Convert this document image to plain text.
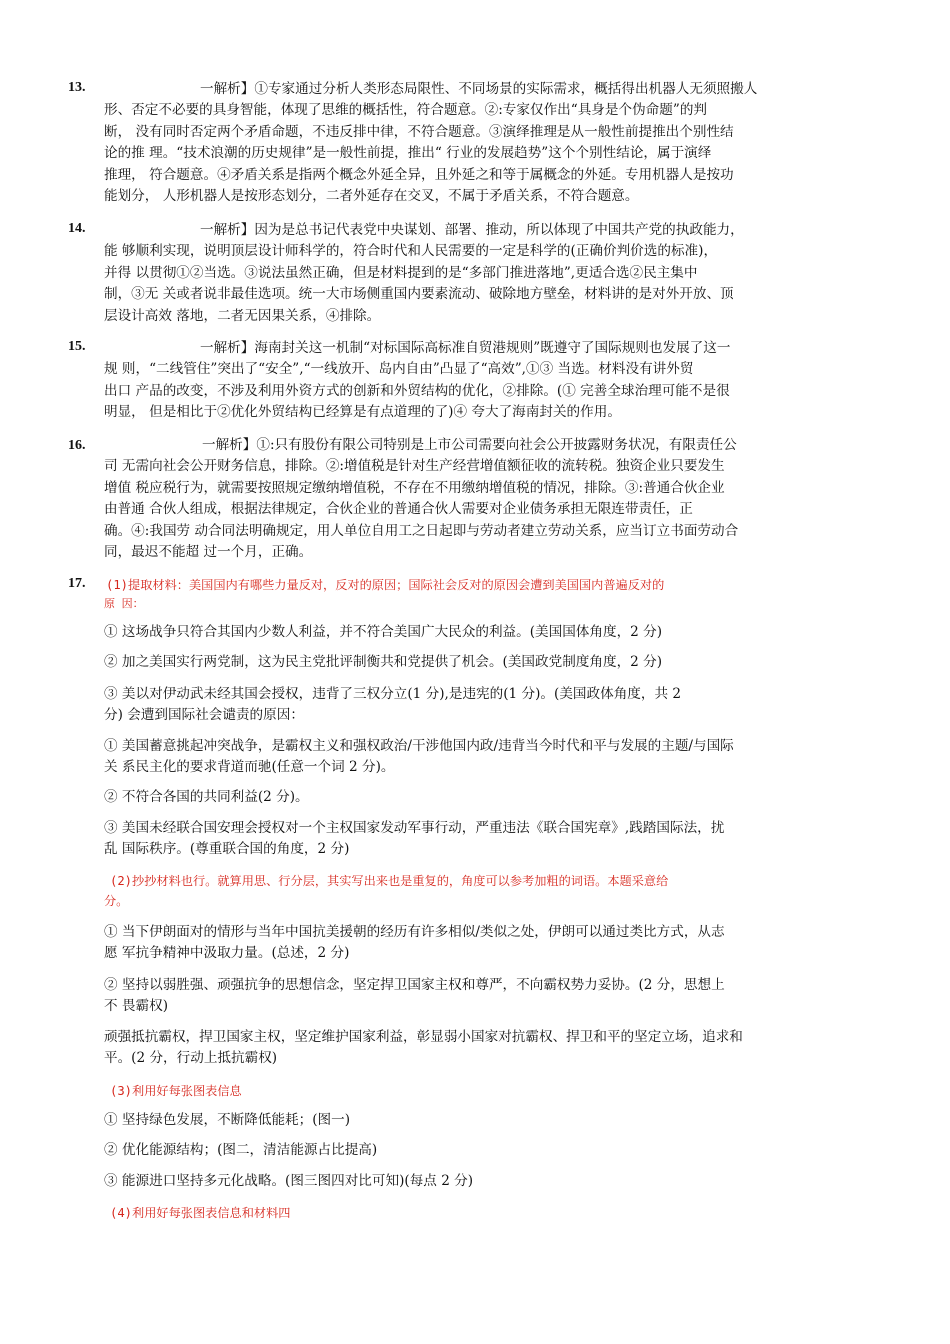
13.	一解析】①专家通过分析人类形态局限性、不同场景的实际需求，概括得出机器人无须照搬人
形、否定不必要的具身智能，体现了思维的概括性，符合题意。②:专家仅作出“具身是个伪命题”的判
断， 没有同时否定两个矛盾命题，不违反排中律，不符合题意。③演绎推理是从一般性前提推出个别性结
论的推 理。“技术浪潮的历史规律”是一般性前提，推出“ 行业的发展趋势”这个个别性结论，属于演绎
推理， 符合题意。④矛盾关系是指两个概念外延全异，且外延之和等于属概念的外延。专用机器人是按功
能划分， 人形机器人是按形态划分，二者外延存在交叉，不属于矛盾关系，不符合题意。
14.	一解析】因为是总书记代表党中央谋划、部署、推动，所以体现了中国共产党的执政能力，
能 够顺利实现，说明顶层设计师科学的，符合时代和人民需要的一定是科学的(正确价判价选的标准)，
并得 以贯彻①②当选。③说法虽然正确，但是材料提到的是“多部门推进落地”,更适合选②民主集中
制，③无 关或者说非最佳选项。统一大市场侧重国内要素流动、破除地方壁垒，材料讲的是对外开放、顶
层设计高效 落地，二者无因果关系，④排除。
15.	一解析】海南封关这一机制“对标国际高标准自贸港规则”既遵守了国际规则也发展了这一
规 则，“二线管住”突出了“安全”,“一线放开、岛内自由”凸显了“高效”,①③ 当选。材料没有讲外贸
出口 产品的改变，不涉及利用外资方式的创新和外贸结构的优化，②排除。(① 完善全球治理可能不是很
明显， 但是相比于②优化外贸结构已经算是有点道理的了)④ 夸大了海南封关的作用。
16.	一解析】①:只有股份有限公司特别是上市公司需要向社会公开披露财务状况，有限责任公
司 无需向社会公开财务信息，排除。②:增值税是针对生产经营增值额征收的流转税。独资企业只要发生
增值 税应税行为，就需要按照规定缴纳增值税，不存在不用缴纳增值税的情况，排除。③:普通合伙企业
由普通 合伙人组成，根据法律规定，合伙企业的普通合伙人需要对企业债务承担无限连带责任，正
确。④:我国劳 动合同法明确规定，用人单位自用工之日起即与劳动者建立劳动关系，应当订立书面劳动合
同，最迟不能超 过一个月，正确。
17. (1)提取材料：美国国内有哪些力量反对，反对的原因；国际社会反对的原因会遭到美国国内普遍反对的
原 因：
① 这场战争只符合其国内少数人利益，并不符合美国广大民众的利益。(美国国体角度，2 分)
② 加之美国实行两党制，这为民主党批评制衡共和党提供了机会。(美国政党制度角度，2 分)
③ 美以对伊动武未经其国会授权，违背了三权分立(1 分),是违宪的(1 分)。(美国政体角度，共 2
分) 会遭到国际社会谴责的原因：
① 美国蓄意挑起冲突战争，是霸权主义和强权政治/干涉他国内政/违背当今时代和平与发展的主题/与国际
关 系民主化的要求背道而驰(任意一个词 2 分)。
② 不符合各国的共同利益(2 分)。
③ 美国未经联合国安理会授权对一个主权国家发动军事行动，严重违法《联合国宪章》,践踏国际法，扰
乱 国际秩序。(尊重联合国的角度，2 分)
(2)抄抄材料也行。就算用思、行分层，其实写出来也是重复的，角度可以参考加粗的词语。本题采意给
分。
① 当下伊朗面对的情形与当年中国抗美援朝的经历有许多相似/类似之处，伊朗可以通过类比方式，从志
愿 军抗争精神中汲取力量。(总述，2 分)
② 坚持以弱胜强、顽强抗争的思想信念，坚定捍卫国家主权和尊严，不向霸权势力妥协。(2 分，思想上
不 畏霸权)
顽强抵抗霸权，捍卫国家主权，坚定维护国家利益，彰显弱小国家对抗霸权、捍卫和平的坚定立场，追求和
平。(2 分，行动上抵抗霸权)
(3)利用好每张图表信息
① 坚持绿色发展，不断降低能耗；(图一)
② 优化能源结构；(图二，清洁能源占比提高)
③ 能源进口坚持多元化战略。(图三图四对比可知)(每点 2 分)
(4)利用好每张图表信息和材料四
